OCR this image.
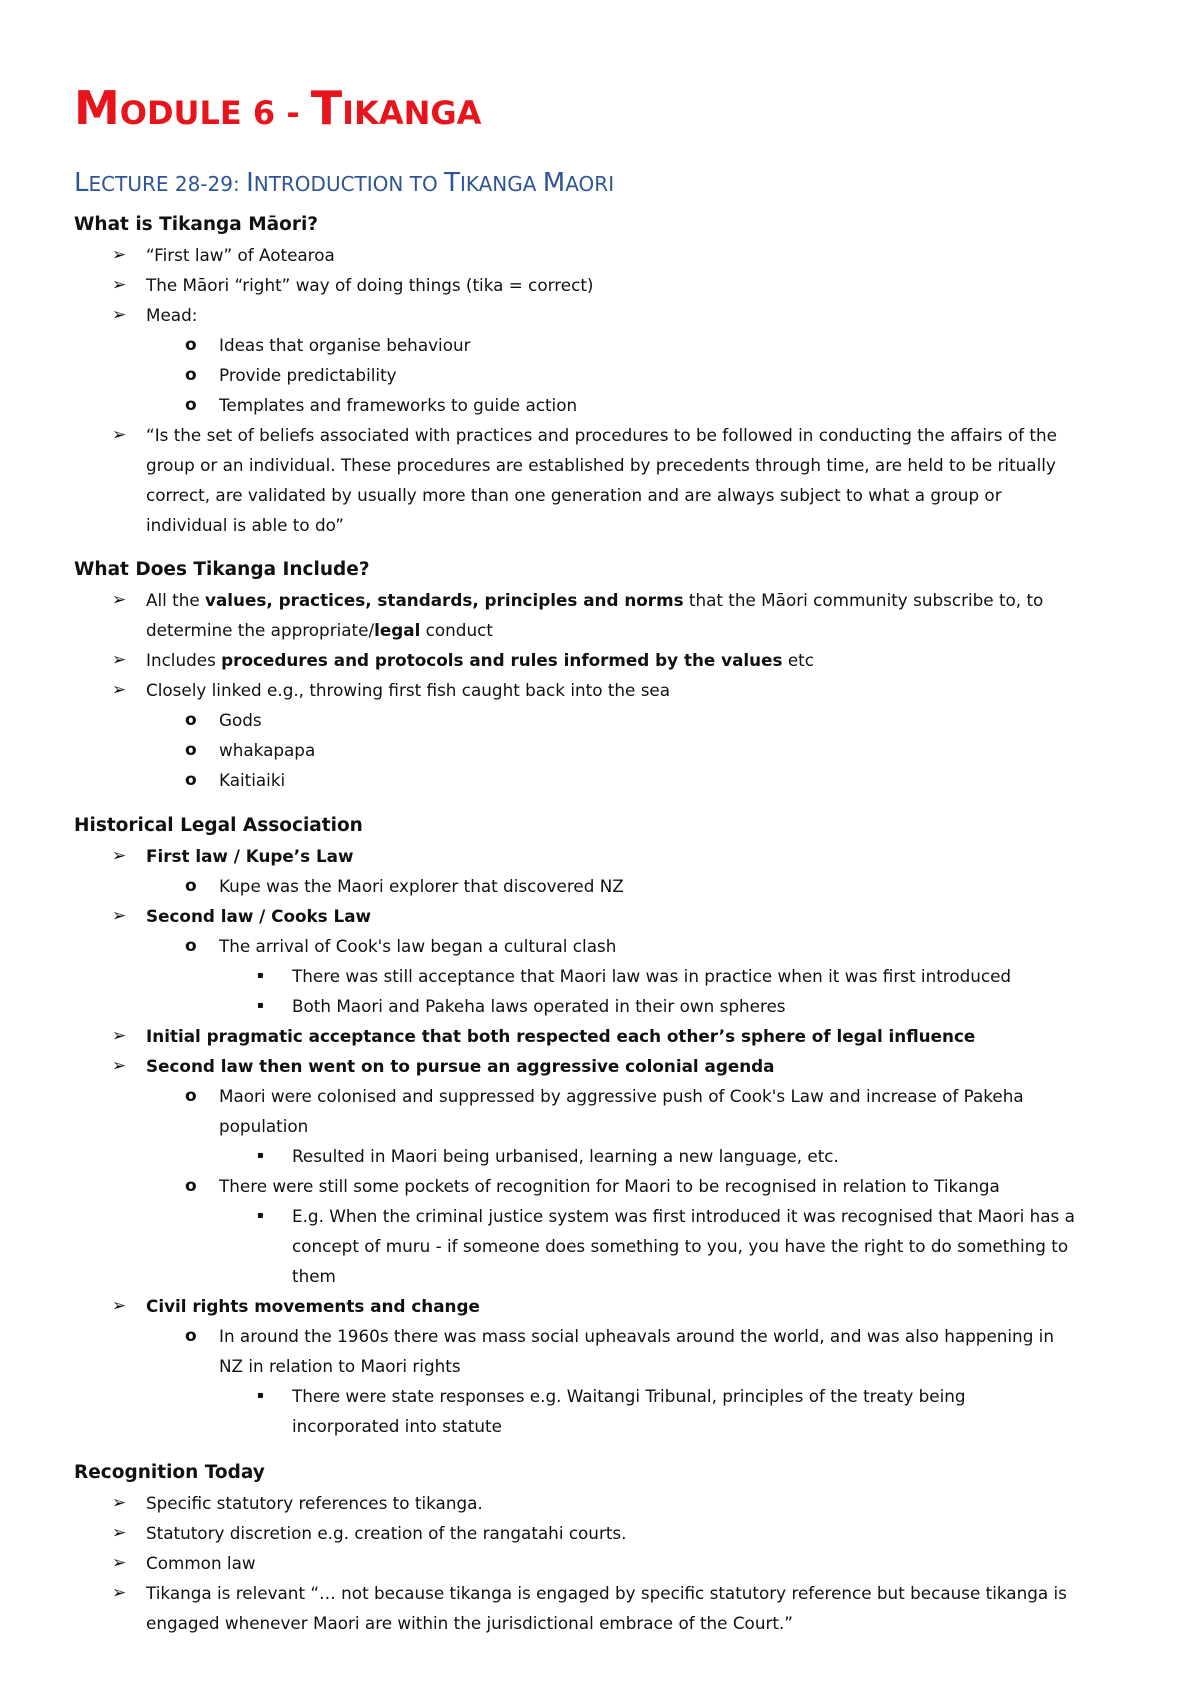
MODULE 6 - TIKANGA
LECTURE 28-29: INTRODUCTION TO TIKANGA MAORI
What is Tikanga Māori?
➢ “First law” of Aotearoa
➢ The Māori “right” way of doing things (tika = correct)
➢ Mead:
o Ideas that organise behaviour
o Provide predictability
o Templates and frameworks to guide action
➢ “Is the set of beliefs associated with practices and procedures to be followed in conducting the affairs of the
group or an individual. These procedures are established by precedents through time, are held to be ritually
correct, are validated by usually more than one generation and are always subject to what a group or
individual is able to do”
What Does Tikanga Include?
➢ All the values, practices, standards, principles and norms that the Māori community subscribe to, to
determine the appropriate/legal conduct
➢ Includes procedures and protocols and rules informed by the values etc
➢ Closely linked e.g., throwing first fish caught back into the sea
o Gods
o whakapapa
o Kaitiaiki
Historical Legal Association
➢ First law / Kupe’s Law
o Kupe was the Maori explorer that discovered NZ
➢ Second law / Cooks Law
o The arrival of Cook's law began a cultural clash
▪ There was still acceptance that Maori law was in practice when it was first introduced
▪ Both Maori and Pakeha laws operated in their own spheres
➢ Initial pragmatic acceptance that both respected each other’s sphere of legal influence
➢ Second law then went on to pursue an aggressive colonial agenda
o Maori were colonised and suppressed by aggressive push of Cook's Law and increase of Pakeha
population
▪ Resulted in Maori being urbanised, learning a new language, etc.
o There were still some pockets of recognition for Maori to be recognised in relation to Tikanga
▪ E.g. When the criminal justice system was first introduced it was recognised that Maori has a
concept of muru - if someone does something to you, you have the right to do something to
them
➢ Civil rights movements and change
o In around the 1960s there was mass social upheavals around the world, and was also happening in
NZ in relation to Maori rights
▪ There were state responses e.g. Waitangi Tribunal, principles of the treaty being
incorporated into statute
Recognition Today
➢ Specific statutory references to tikanga.
➢ Statutory discretion e.g. creation of the rangatahi courts.
➢ Common law
➢ Tikanga is relevant “… not because tikanga is engaged by specific statutory reference but because tikanga is
engaged whenever Maori are within the jurisdictional embrace of the Court.”
